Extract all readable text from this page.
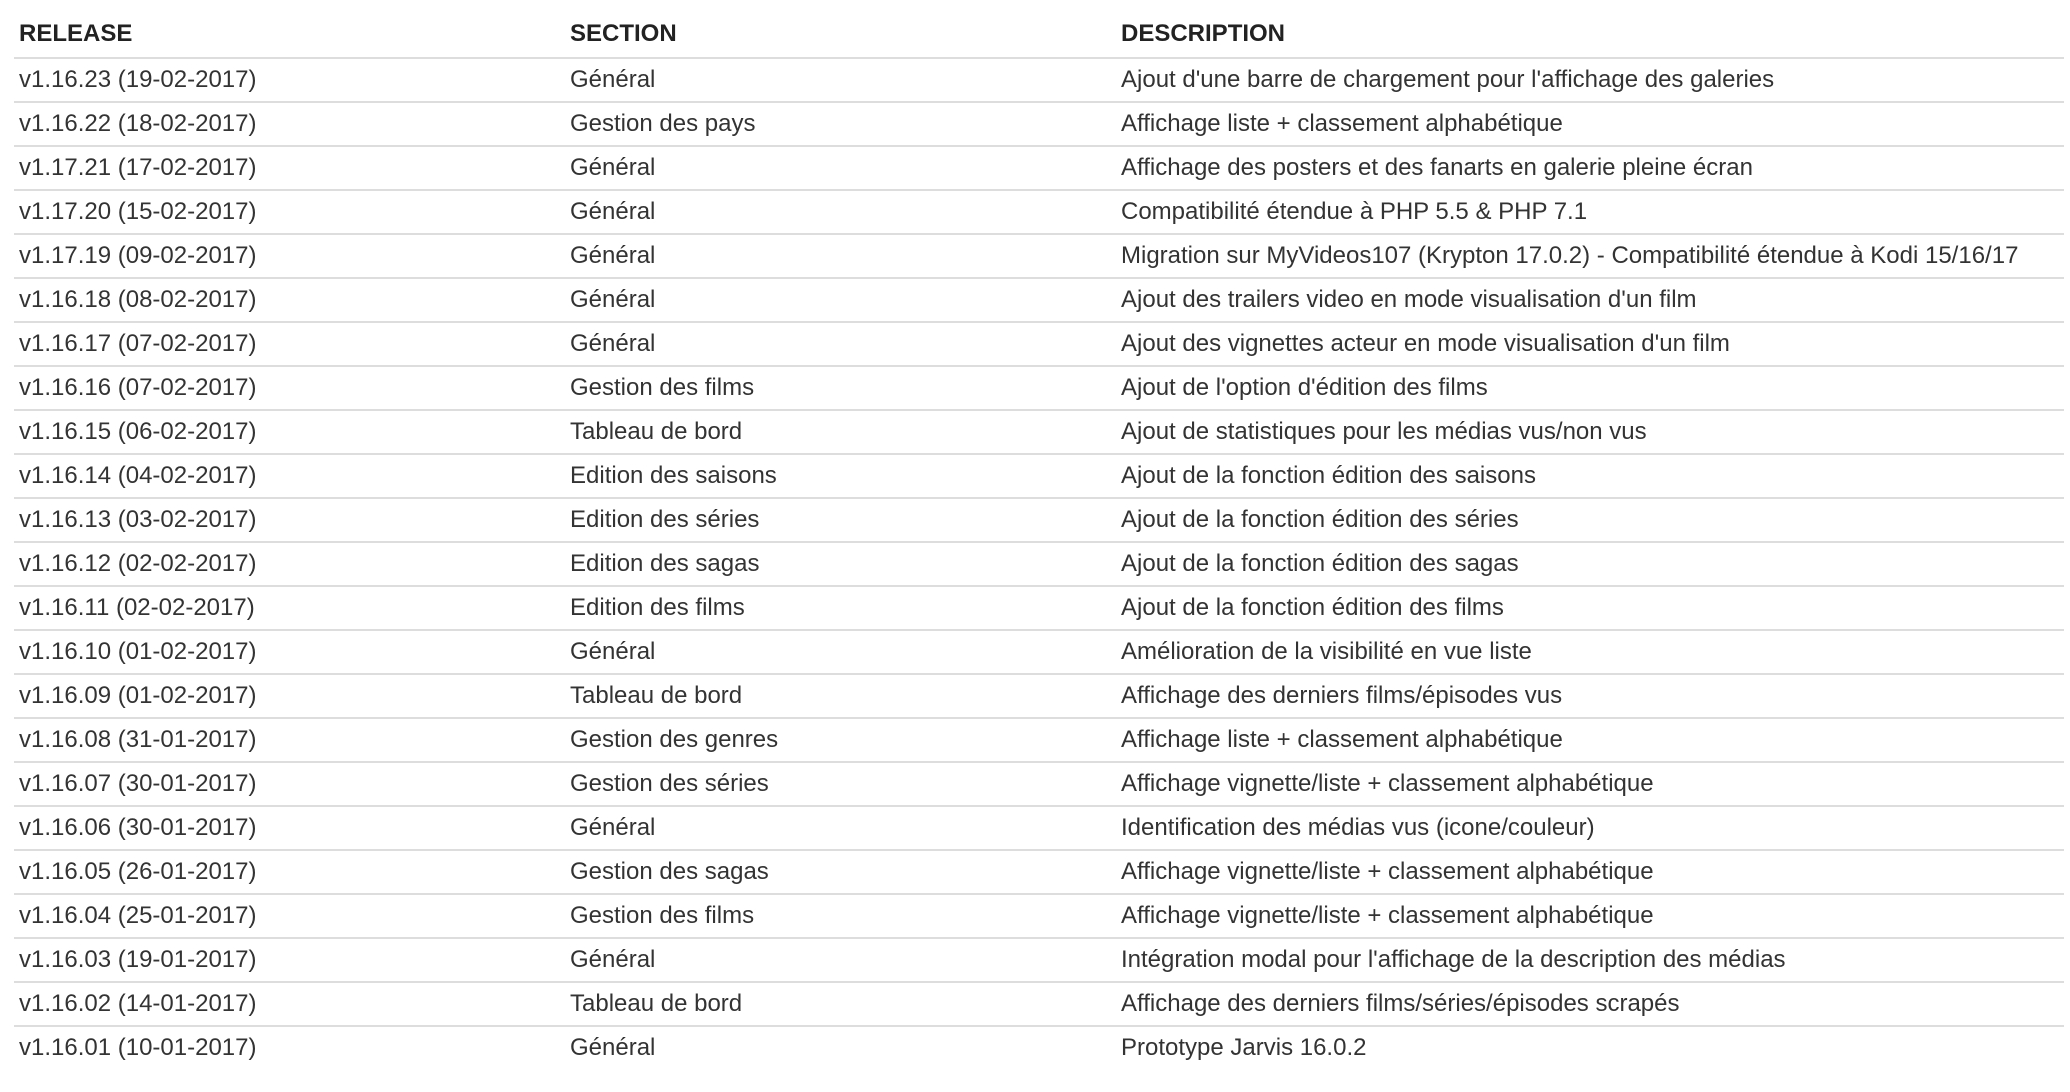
RELEASE	SECTION	DESCRIPTION
v1.16.23 (19-02-2017)	Général	Ajout d'une barre de chargement pour l'affichage des galeries
v1.16.22 (18-02-2017)	Gestion des pays	Affichage liste + classement alphabétique
v1.17.21 (17-02-2017)	Général	Affichage des posters et des fanarts en galerie pleine écran
v1.17.20 (15-02-2017)	Général	Compatibilité étendue à PHP 5.5 & PHP 7.1
v1.17.19 (09-02-2017)	Général	Migration sur MyVideos107 (Krypton 17.0.2) - Compatibilité étendue à Kodi 15/16/17
v1.16.18 (08-02-2017)	Général	Ajout des trailers video en mode visualisation d'un film
v1.16.17 (07-02-2017)	Général	Ajout des vignettes acteur en mode visualisation d'un film
v1.16.16 (07-02-2017)	Gestion des films	Ajout de l'option d'édition des films
v1.16.15 (06-02-2017)	Tableau de bord	Ajout de statistiques pour les médias vus/non vus
v1.16.14 (04-02-2017)	Edition des saisons	Ajout de la fonction édition des saisons
v1.16.13 (03-02-2017)	Edition des séries	Ajout de la fonction édition des séries
v1.16.12 (02-02-2017)	Edition des sagas	Ajout de la fonction édition des sagas
v1.16.11 (02-02-2017)	Edition des films	Ajout de la fonction édition des films
v1.16.10 (01-02-2017)	Général	Amélioration de la visibilité en vue liste
v1.16.09 (01-02-2017)	Tableau de bord	Affichage des derniers films/épisodes vus
v1.16.08 (31-01-2017)	Gestion des genres	Affichage liste + classement alphabétique
v1.16.07 (30-01-2017)	Gestion des séries	Affichage vignette/liste + classement alphabétique
v1.16.06 (30-01-2017)	Général	Identification des médias vus (icone/couleur)
v1.16.05 (26-01-2017)	Gestion des sagas	Affichage vignette/liste + classement alphabétique
v1.16.04 (25-01-2017)	Gestion des films	Affichage vignette/liste + classement alphabétique
v1.16.03 (19-01-2017)	Général	Intégration modal pour l'affichage de la description des médias
v1.16.02 (14-01-2017)	Tableau de bord	Affichage des derniers films/séries/épisodes scrapés
v1.16.01 (10-01-2017)	Général	Prototype Jarvis 16.0.2
